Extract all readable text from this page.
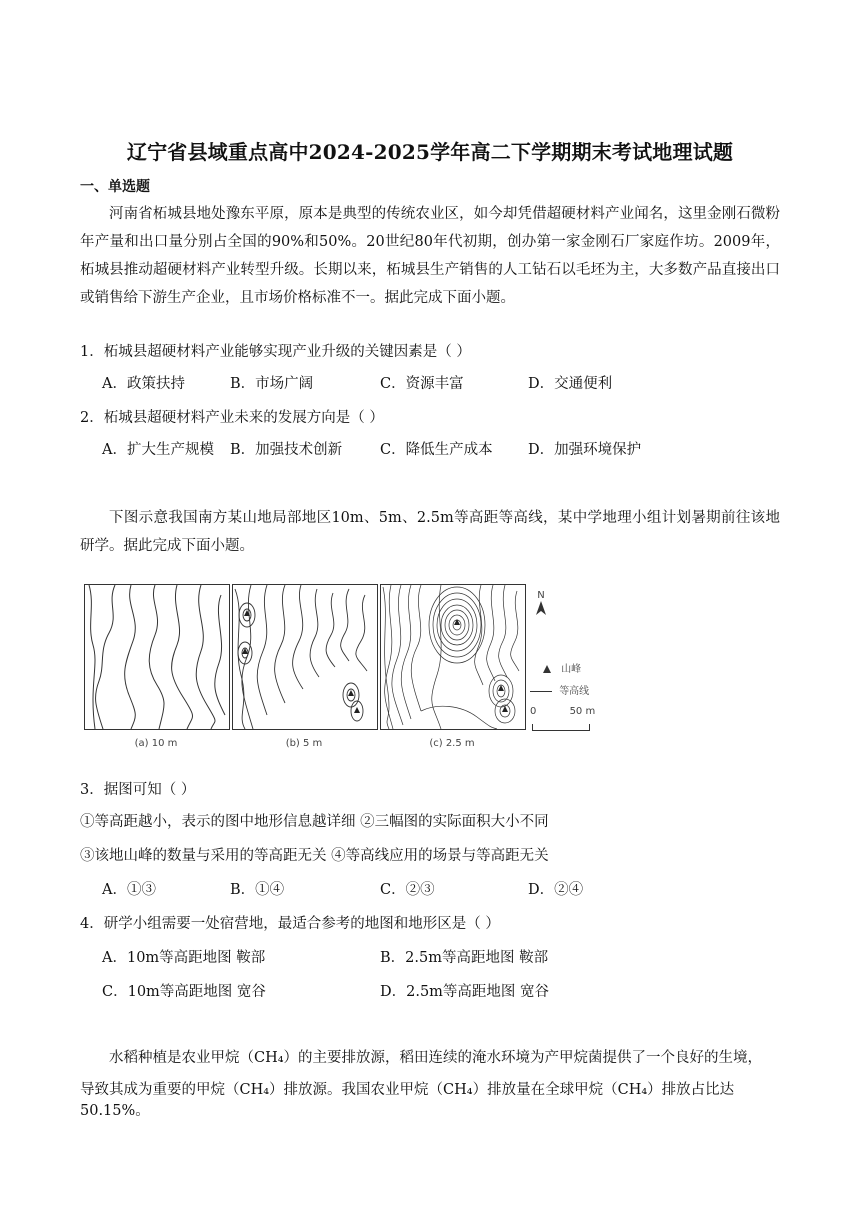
辽宁省县域重点高中2024-2025学年高二下学期期末考试地理试题
一、单选题
河南省柘城县地处豫东平原，原本是典型的传统农业区，如今却凭借超硬材料产业闻名，这里金刚石微粉年产量和出口量分别占全国的90%和50%。20世纪80年代初期，创办第一家金刚石厂家庭作坊。2009年，柘城县推动超硬材料产业转型升级。长期以来，柘城县生产销售的人工钻石以毛坯为主，大多数产品直接出口或销售给下游生产企业，且市场价格标准不一。据此完成下面小题。
1．柘城县超硬材料产业能够实现产业升级的关键因素是（ ）
A．政策扶持	B．市场广阔	C．资源丰富	D．交通便利
2．柘城县超硬材料产业未来的发展方向是（ ）
A．扩大生产规模 B．加强技术创新	C．降低生产成本 D．加强环境保护
下图示意我国南方某山地局部地区10m、5m、2.5m等高距等高线，某中学地理小组计划暑期前往该地研学。据此完成下面小题。
(a) 10 m	(b) 5 m	(c) 2.5 m
N
山峰
等高线
0	50 m
3．据图可知（ ）
①等高距越小，表示的图中地形信息越详细 ②三幅图的实际面积大小不同
③该地山峰的数量与采用的等高距无关 ④等高线应用的场景与等高距无关
A．①③	B．①④	C．②③	D．②④
4．研学小组需要一处宿营地，最适合参考的地图和地形区是（ ）
A．10m等高距地图 鞍部	B．2.5m等高距地图 鞍部
C．10m等高距地图 宽谷	D．2.5m等高距地图 宽谷
水稻种植是农业甲烷（CH₄）的主要排放源，稻田连续的淹水环境为产甲烷菌提供了一个良好的生境，
导致其成为重要的甲烷（CH₄）排放源。我国农业甲烷（CH₄）排放量在全球甲烷（CH₄）排放占比达50.15%。
